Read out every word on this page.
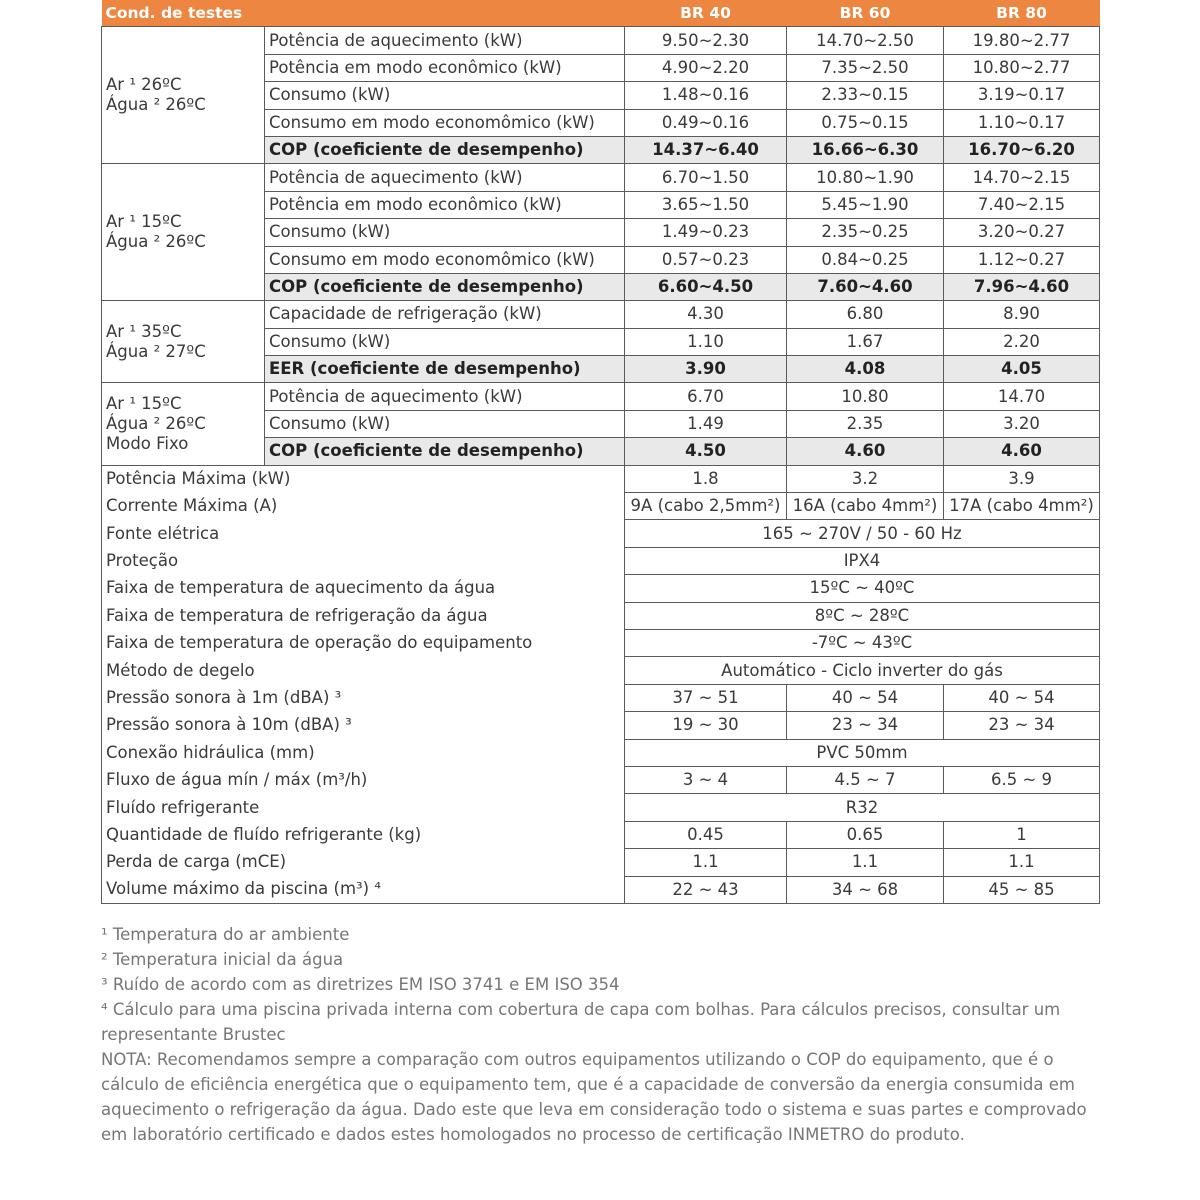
Cond. de testes		BR 40	BR 60	BR 80

Ar ¹ 26ºC
Água ² 26ºC	Potência de aquecimento (kW)	9.50~2.30	14.70~2.50	19.80~2.77
	Potência em modo econômico (kW)	4.90~2.20	7.35~2.50	10.80~2.77
	Consumo (kW)	1.48~0.16	2.33~0.15	3.19~0.17
	Consumo em modo economômico (kW)	0.49~0.16	0.75~0.15	1.10~0.17
	COP (coeficiente de desempenho)	14.37~6.40	16.66~6.30	16.70~6.20

Ar ¹ 15ºC
Água ² 26ºC	Potência de aquecimento (kW)	6.70~1.50	10.80~1.90	14.70~2.15
	Potência em modo econômico (kW)	3.65~1.50	5.45~1.90	7.40~2.15
	Consumo (kW)	1.49~0.23	2.35~0.25	3.20~0.27
	Consumo em modo economômico (kW)	0.57~0.23	0.84~0.25	1.12~0.27
	COP (coeficiente de desempenho)	6.60~4.50	7.60~4.60	7.96~4.60

Ar ¹ 35ºC
Água ² 27ºC	Capacidade de refrigeração (kW)	4.30	6.80	8.90
	Consumo (kW)	1.10	1.67	2.20
	EER (coeficiente de desempenho)	3.90	4.08	4.05

Ar ¹ 15ºC
Água ² 26ºC
Modo Fixo	Potência de aquecimento (kW)	6.70	10.80	14.70
	Consumo (kW)	1.49	2.35	3.20
	COP (coeficiente de desempenho)	4.50	4.60	4.60
Potência Máxima (kW)		1.8	3.2	3.9
Corrente Máxima (A)		9A (cabo 2,5mm²)	16A (cabo 4mm²)	17A (cabo 4mm²)
Fonte elétrica		165 ~ 270V / 50 - 60 Hz		
Proteção		IPX4		
Faixa de temperatura de aquecimento da água		15ºC ~ 40ºC		
Faixa de temperatura de refrigeração da água		8ºC ~ 28ºC		
Faixa de temperatura de operação do equipamento		-7ºC ~ 43ºC		
Método de degelo		Automático - Ciclo inverter do gás		
Pressão sonora à 1m (dBA) ³		37 ~ 51	40 ~ 54	40 ~ 54
Pressão sonora à 10m (dBA) ³		19 ~ 30	23 ~ 34	23 ~ 34
Conexão hidráulica (mm)		PVC 50mm		
Fluxo de água mín / máx (m³/h)		3 ~ 4	4.5 ~ 7	6.5 ~ 9
Fluído refrigerante		R32		
Quantidade de fluído refrigerante (kg)		0.45	0.65	1
Perda de carga (mCE)		1.1	1.1	1.1
Volume máximo da piscina (m³) ⁴		22 ~ 43	34 ~ 68	45 ~ 85

¹ Temperatura do ar ambiente

² Temperatura inicial da água

³ Ruído de acordo com as diretrizes EM ISO 3741 e EM ISO 354

⁴ Cálculo para uma piscina privada interna com cobertura de capa com bolhas. Para cálculos precisos, consultar um representante Brustec

NOTA: Recomendamos sempre a comparação com outros equipamentos utilizando o COP do equipamento, que é o cálculo de eficiência energética que o equipamento tem, que é a capacidade de conversão da energia consumida em aquecimento o refrigeração da água. Dado este que leva em consideração todo o sistema e suas partes e comprovado em laboratório certificado e dados estes homologados no processo de certificação INMETRO do produto.
